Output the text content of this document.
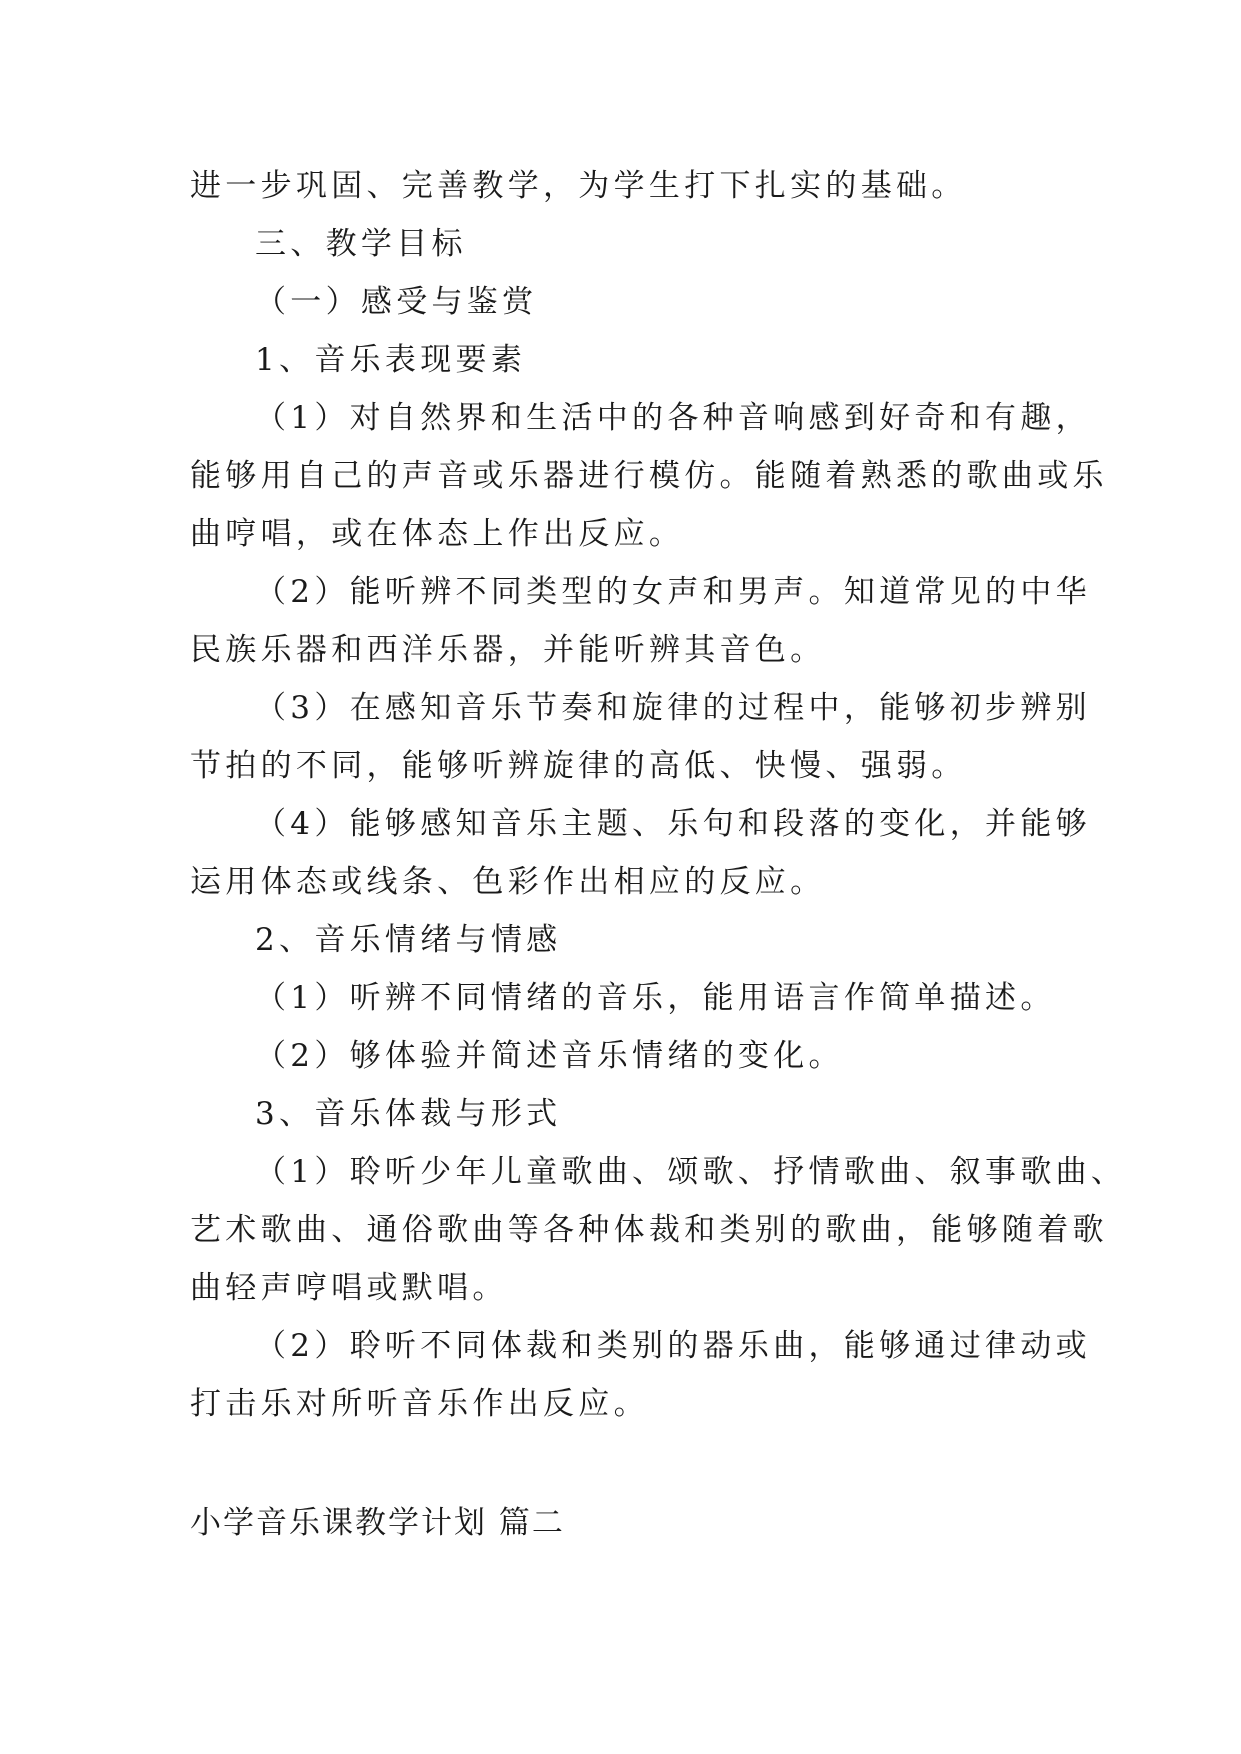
进一步巩固、完善教学，为学生打下扎实的基础。
三、教学目标
（一）感受与鉴赏
1、音乐表现要素
（1）对自然界和生活中的各种音响感到好奇和有趣，
能够用自己的声音或乐器进行模仿。能随着熟悉的歌曲或乐
曲哼唱，或在体态上作出反应。
（2）能听辨不同类型的女声和男声。知道常见的中华
民族乐器和西洋乐器，并能听辨其音色。
（3）在感知音乐节奏和旋律的过程中，能够初步辨别
节拍的不同，能够听辨旋律的高低、快慢、强弱。
（4）能够感知音乐主题、乐句和段落的变化，并能够
运用体态或线条、色彩作出相应的反应。
2、音乐情绪与情感
（1）听辨不同情绪的音乐，能用语言作简单描述。
（2）够体验并简述音乐情绪的变化。
3、音乐体裁与形式
（1）聆听少年儿童歌曲、颂歌、抒情歌曲、叙事歌曲、
艺术歌曲、通俗歌曲等各种体裁和类别的歌曲，能够随着歌
曲轻声哼唱或默唱。
（2）聆听不同体裁和类别的器乐曲，能够通过律动或
打击乐对所听音乐作出反应。
小学音乐课教学计划 篇二
